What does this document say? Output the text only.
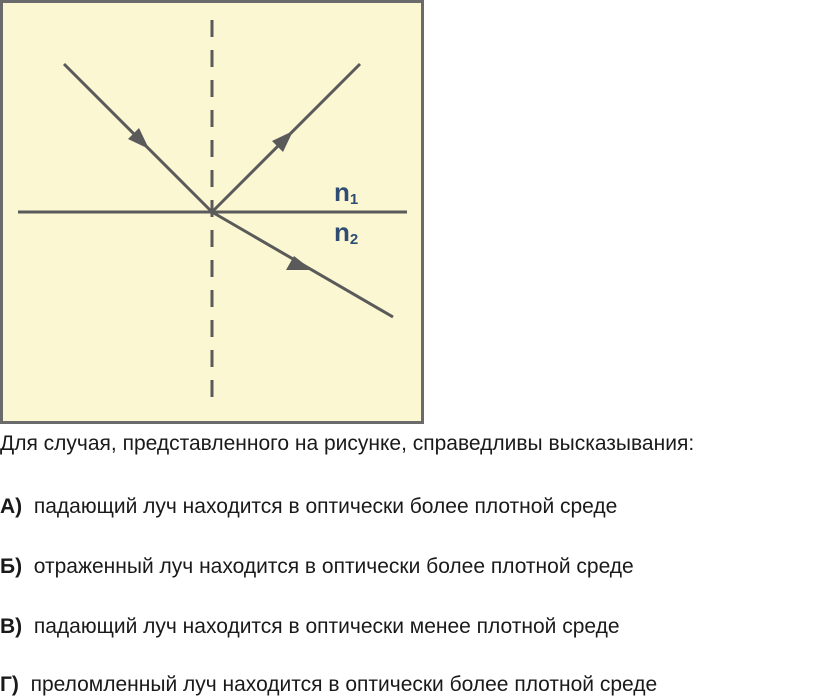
n1
n2

Для случая, представленного на рисунке, справедливы высказывания:

А) падающий луч находится в оптически более плотной среде

Б) отраженный луч находится в оптически более плотной среде

В) падающий луч находится в оптически менее плотной среде

Г) преломленный луч находится в оптически более плотной среде
